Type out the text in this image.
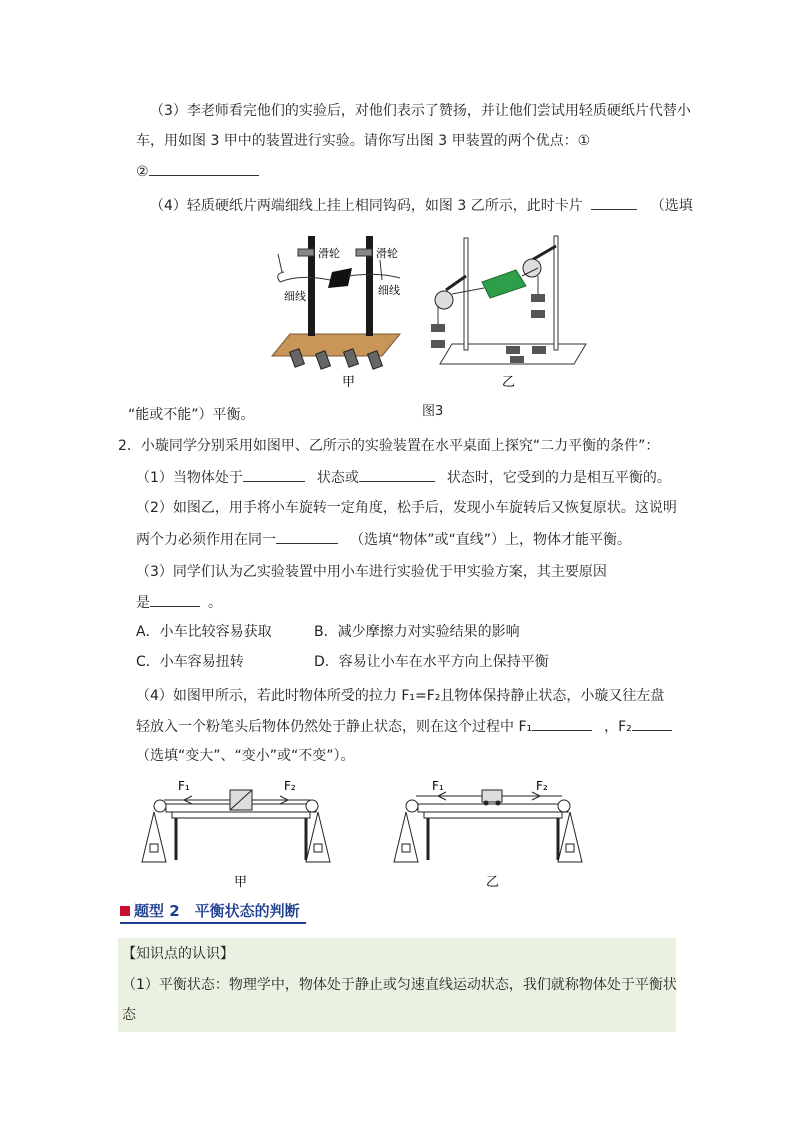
（3）李老师看完他们的实验后，对他们表示了赞扬，并让他们尝试用轻质硬纸片代替小
车，用如图 3 甲中的装置进行实验。请你写出图 3 甲装置的两个优点：①
②
（4）轻质硬纸片两端细线上挂上相同钩码，如图 3 乙所示，此时卡片	（选填
滑轮	滑轮
细线	细线
甲	乙
图3
“能或不能”）平衡。
2．小璇同学分别采用如图甲、乙所示的实验装置在水平桌面上探究“二力平衡的条件”：
（1）当物体处于	状态或	状态时，它受到的力是相互平衡的。
（2）如图乙，用手将小车旋转一定角度，松手后，发现小车旋转后又恢复原状。这说明
两个力必须作用在同一	（选填“物体”或“直线”）上，物体才能平衡。
（3）同学们认为乙实验装置中用小车进行实验优于甲实验方案，其主要原因
是	。
A．小车比较容易获取	B．减少摩擦力对实验结果的影响
C．小车容易扭转	D．容易让小车在水平方向上保持平衡
（4）如图甲所示，若此时物体所受的拉力 F₁=F₂且物体保持静止状态，小璇又往左盘
轻放入一个粉笔头后物体仍然处于静止状态，则在这个过程中 F₁	，F₂
（选填“变大”、“变小”或“不变”）。
F₁	F₂
甲
F₁	F₂
乙
题型 2　平衡状态的判断
【知识点的认识】
（1）平衡状态：物理学中，物体处于静止或匀速直线运动状态，我们就称物体处于平衡状
态
